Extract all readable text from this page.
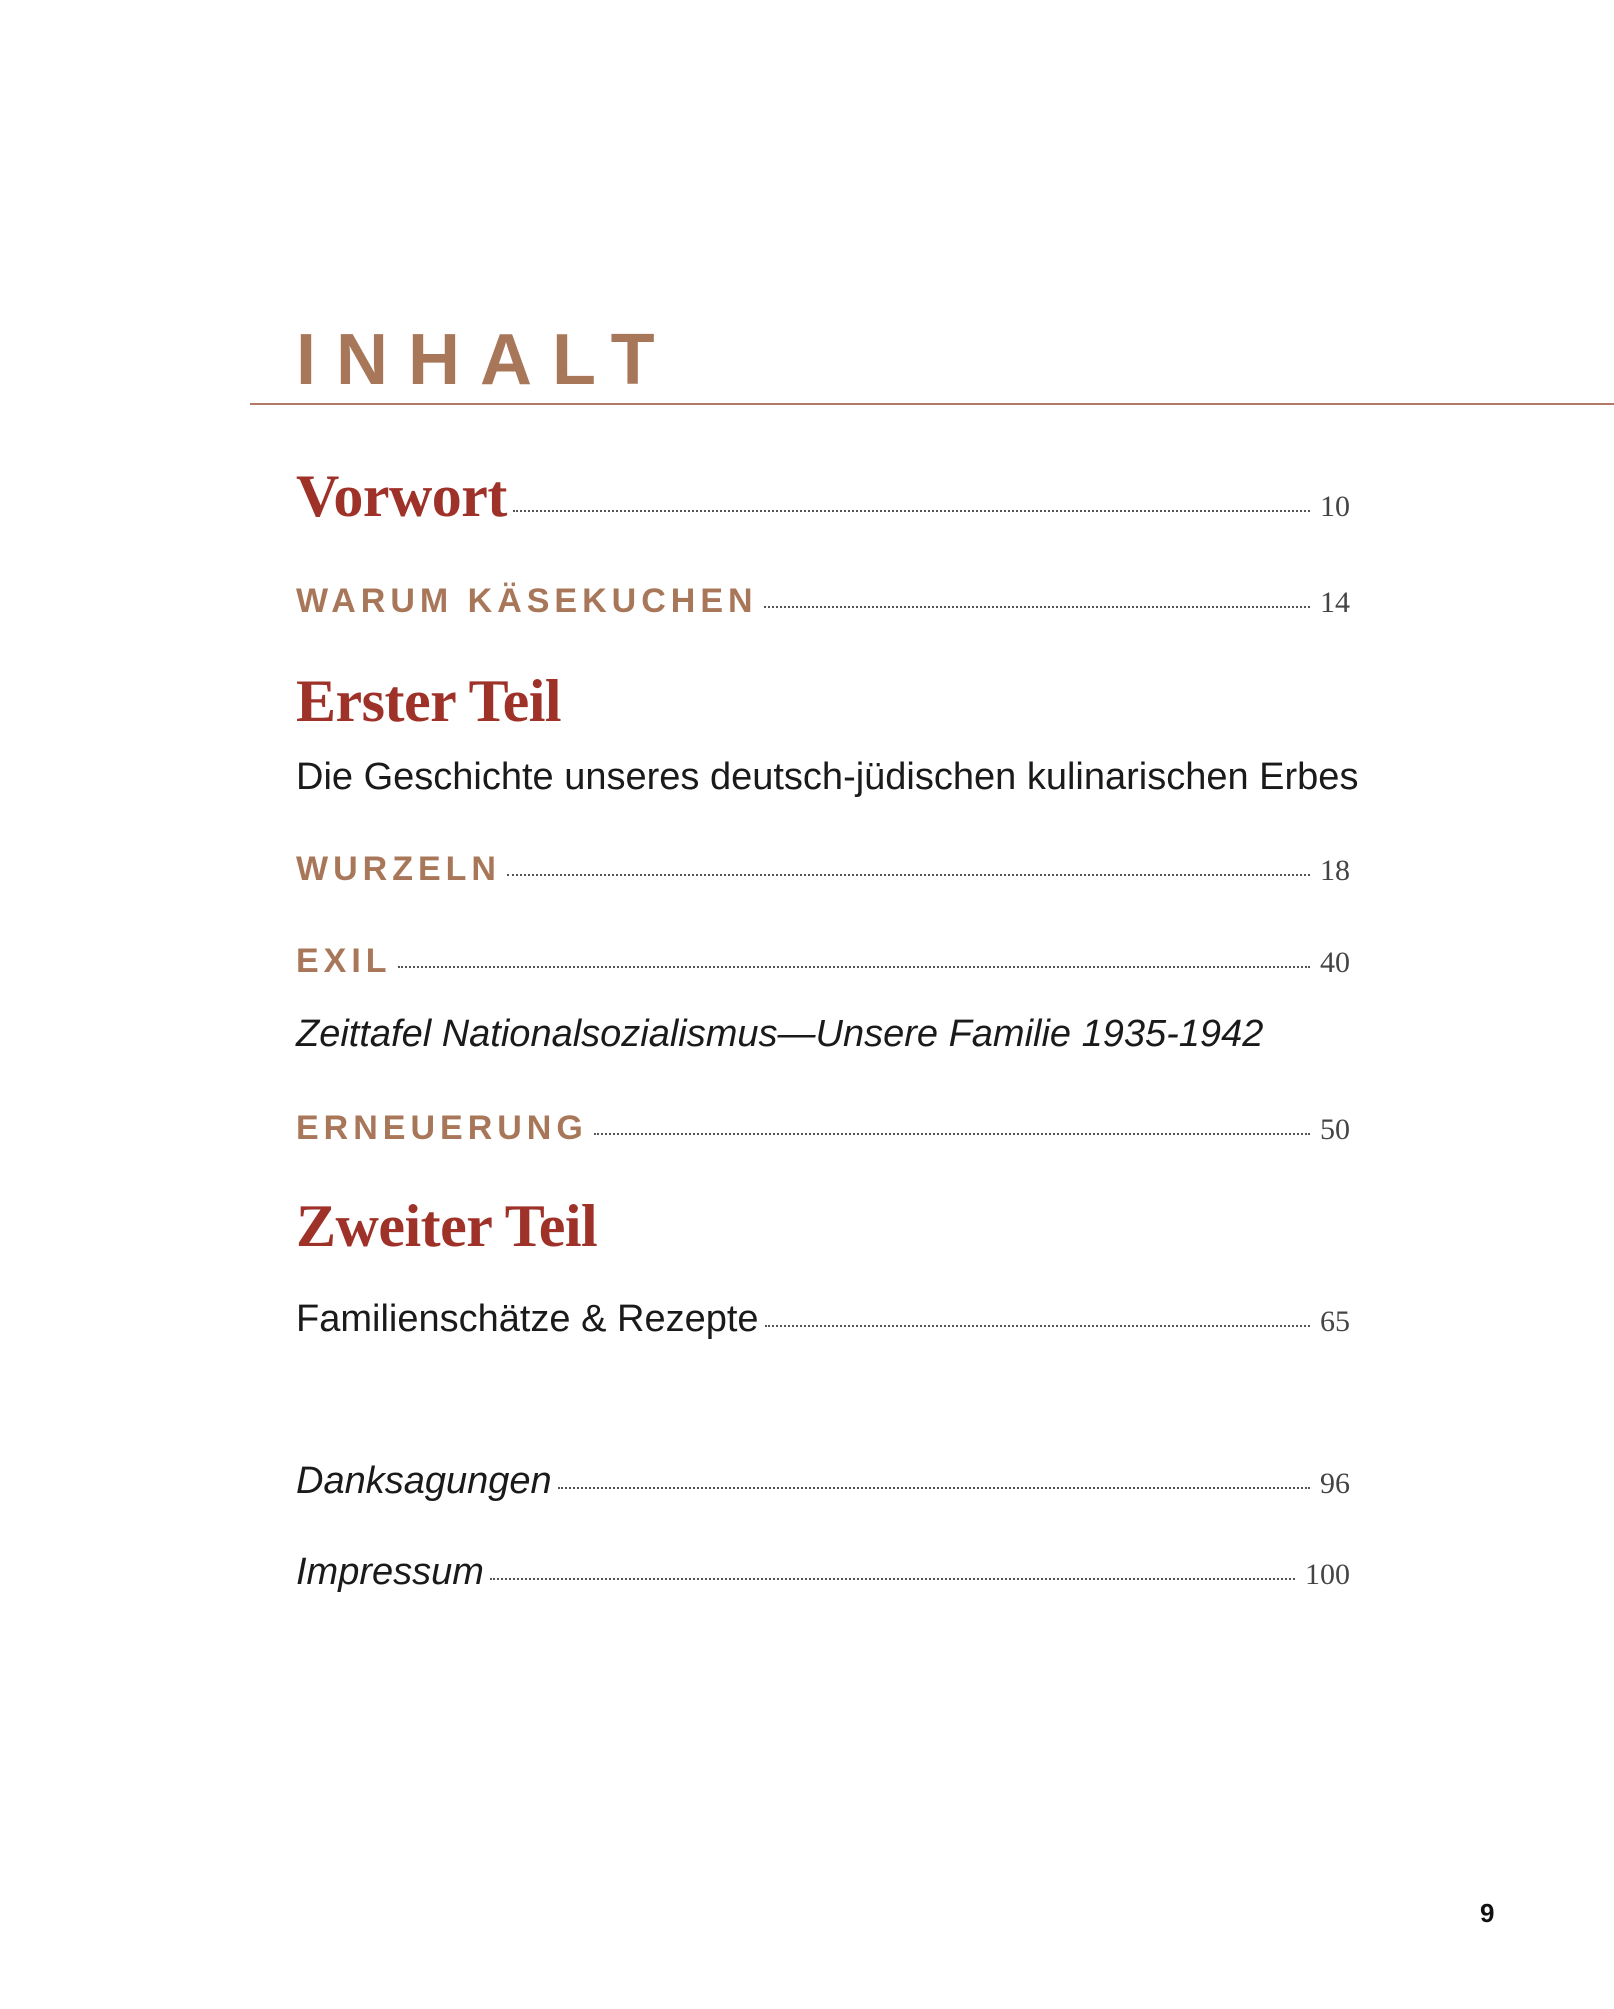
INHALT
Vorwort	10
WARUM KÄSEKUCHEN	14
Erster Teil
Die Geschichte unseres deutsch-jüdischen kulinarischen Erbes
WURZELN	18
EXIL	40
Zeittafel Nationalsozialismus—Unsere Familie 1935-1942
ERNEUERUNG	50
Zweiter Teil
Familienschätze & Rezepte	65
Danksagungen	96
Impressum	100
9
